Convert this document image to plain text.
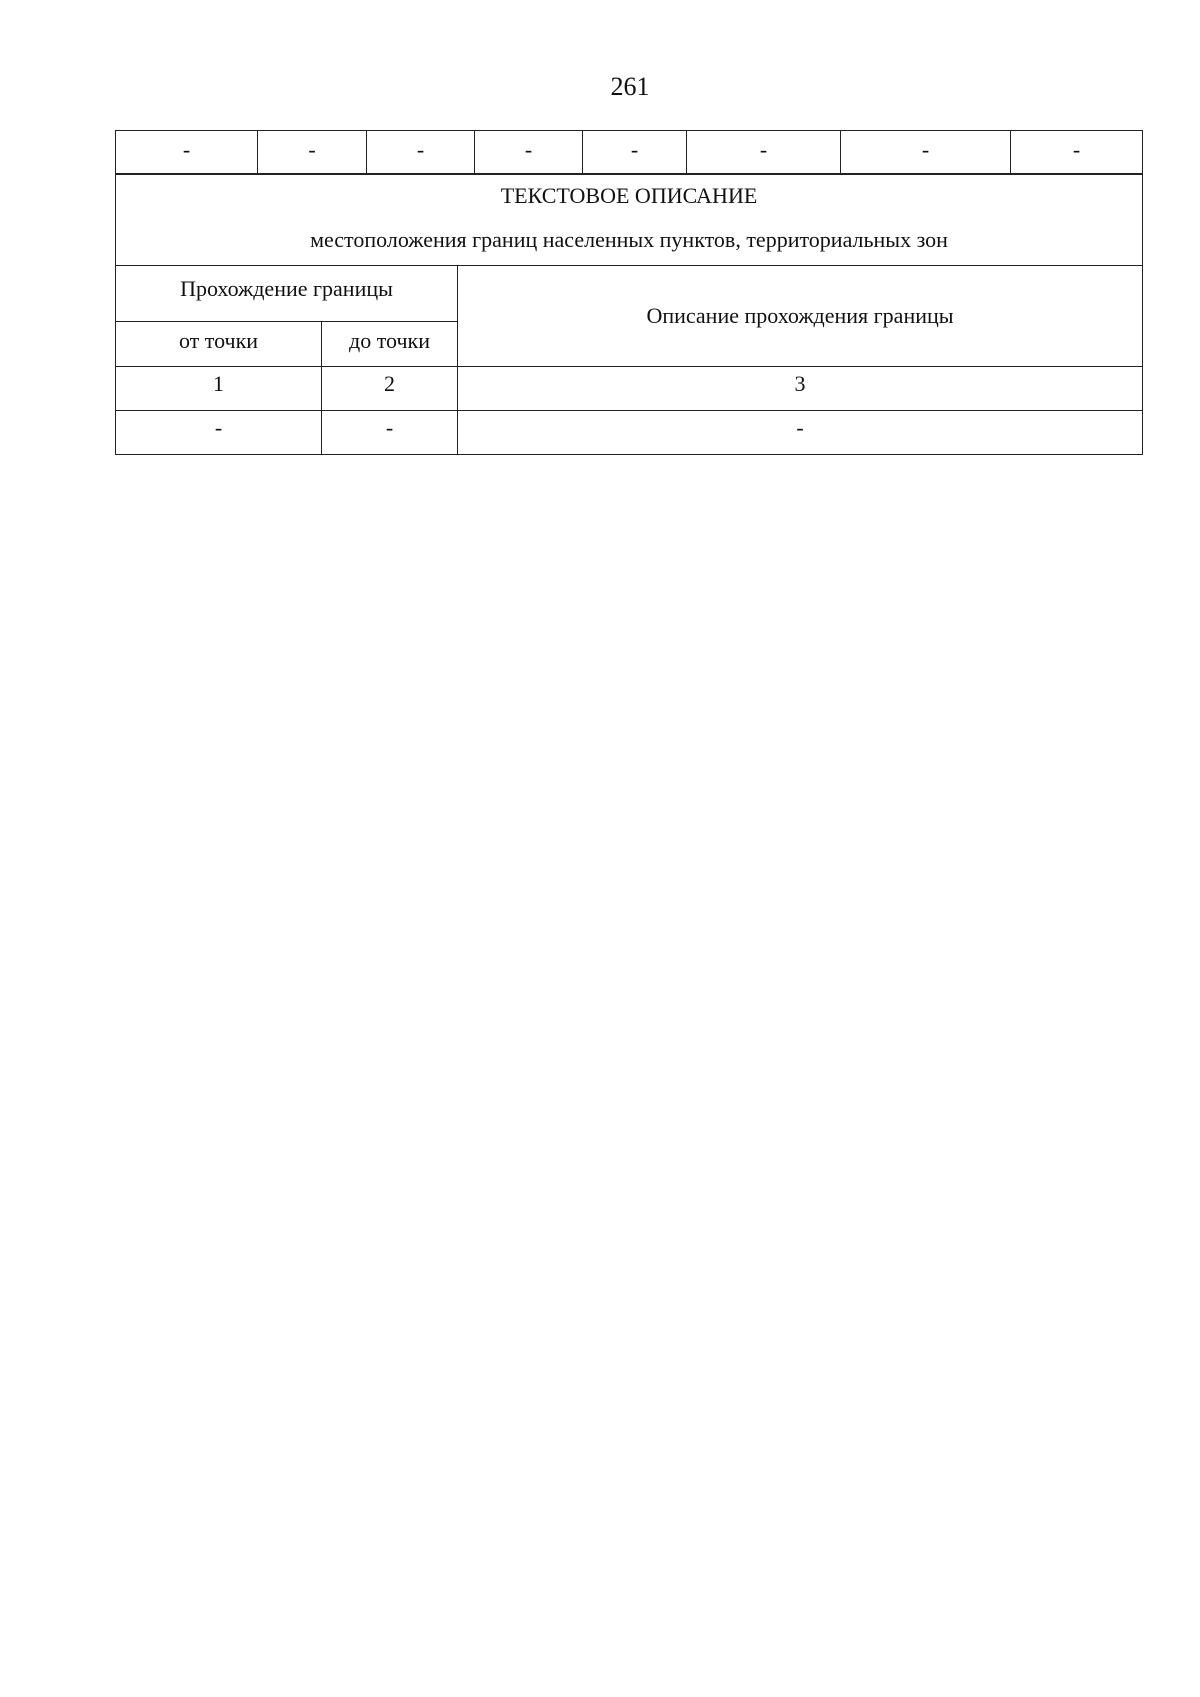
261
-	-	-	-	-	-	-	-
ТЕКСТОВОЕ ОПИСАНИЕ
местоположения границ населенных пунктов, территориальных зон		

Прохождение границы		Описание прохождения границы
от точки	до точки	
1	2	3
-	-	-
